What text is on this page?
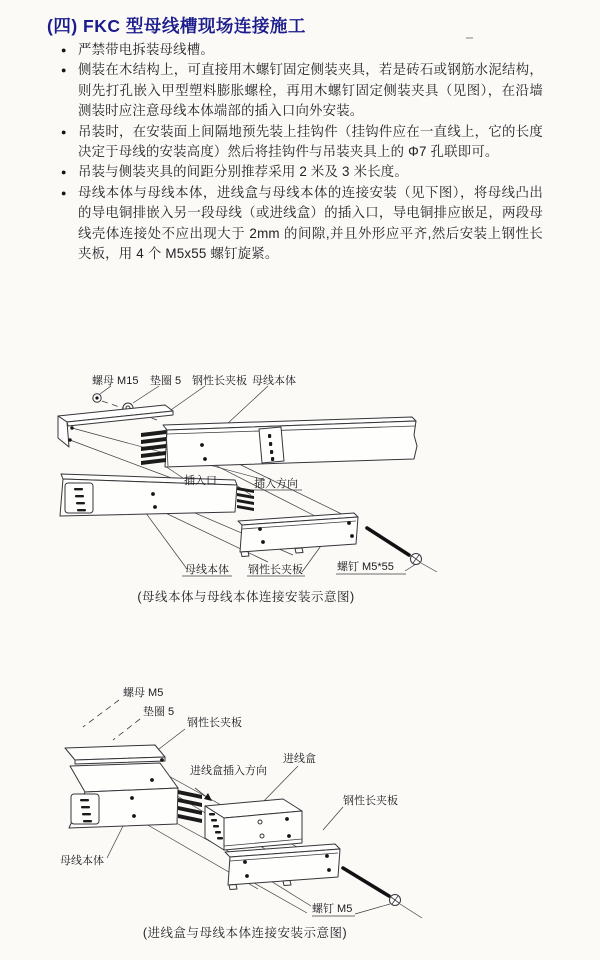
(四) FKC 型母线槽现场连接施工
● 严禁带电拆装母线槽。
● 侧装在木结构上，可直接用木螺钉固定侧装夹具，若是砖石或钢筋水泥结构，则先打孔嵌入甲型塑料膨胀螺栓，再用木螺钉固定侧装夹具（见图），在沿墙测装时应注意母线本体端部的插入口向外安装。
● 吊装时，在安装面上间隔地预先装上挂钩件（挂钩件应在一直线上，它的长度决定于母线的安装高度）然后将挂钩件与吊装夹具上的 Φ7 孔联即可。
● 吊装与侧装夹具的间距分别推荐采用 2 米及 3 米长度。
● 母线本体与母线本体，进线盒与母线本体的连接安装（见下图），将母线凸出的导电铜排嵌入另一段母线（或进线盒）的插入口，导电铜排应嵌足，两段母线壳体连接处不应出现大于 2mm 的间隙,并且外形应平齐,然后安装上钢性长夹板，用 4 个 M5x55 螺钉旋紧。
螺母 M15 垫圈 5 钢性长夹板 母线本体
插入口	插入方向
母线本体 钢性长夹板	螺钉 M5*55
(母线本体与母线本体连接安装示意图)
螺母 M5
垫圈 5
钢性长夹板
进线盒插入方向
进线盒
钢性长夹板
母线本体
螺钉 M5
(进线盒与母线本体连接安装示意图)
